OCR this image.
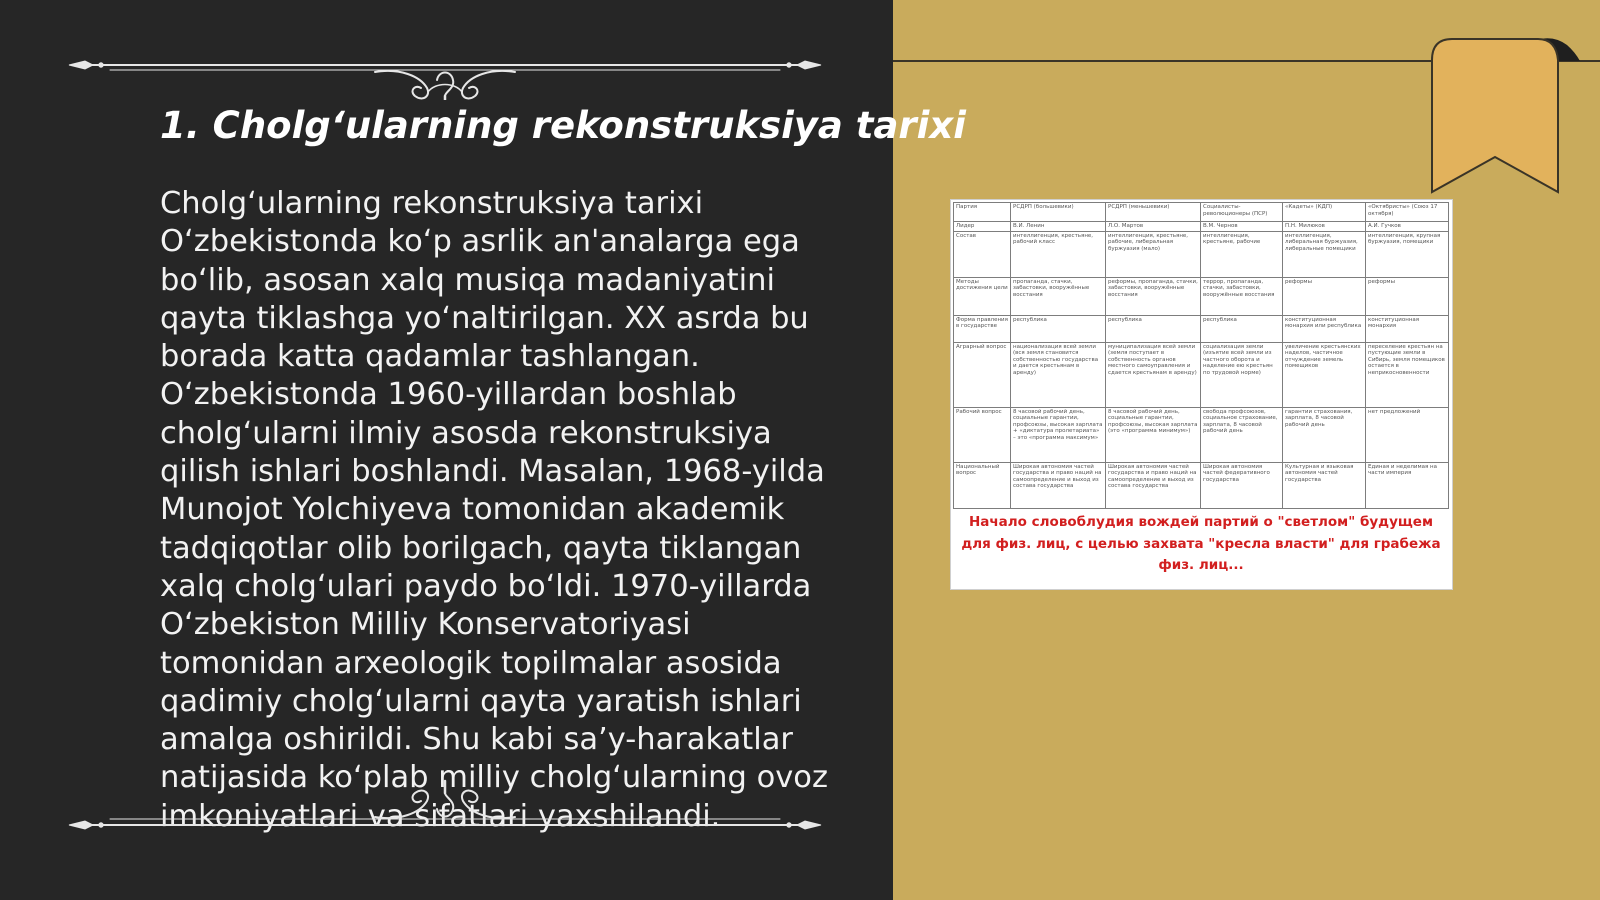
1. Cholg‘ularning rekonstruksiya tarixi

Cholg‘ularning rekonstruksiya tarixi O‘zbekistonda ko‘p asrlik an'analarga ega bo‘lib, asosan xalq musiqa madaniyatini qayta tiklashga yo‘naltirilgan. XX asrda bu borada katta qadamlar tashlangan. O‘zbekistonda 1960-yillardan boshlab cholg‘ularni ilmiy asosda rekonstruksiya qilish ishlari boshlandi. Masalan, 1968-yilda Munojot Yolchiyeva tomonidan akademik tadqiqotlar olib borilgach, qayta tiklangan xalq cholg‘ulari paydo bo‘ldi. 1970-yillarda O‘zbekiston Milliy Konservatoriyasi tomonidan arxeologik topilmalar asosida qadimiy cholg‘ularni qayta yaratish ishlari amalga oshirildi. Shu kabi sa’y-harakatlar natijasida ko‘plab milliy cholg‘ularning ovoz imkoniyatlari va sifatlari yaxshilandi.

Партия	РСДРП (большевики)	РСДРП (меньшевики)	Социалисты-революционеры (ПСР)	«Кадеты» (КДП)	«Октябристы» (Союз 17 октября)
Лидер	В.И. Ленин	Л.О. Мартов	В.М. Чернов	П.Н. Милюков	А.И. Гучков
Состав	интеллигенция, крестьяне, рабочий класс	интеллигенция, крестьяне, рабочие, либеральная буржуазия (мало)	интеллигенция, крестьяне, рабочие	интеллигенция, либеральная буржуазия, либеральные помещики	интеллигенция, крупная буржуазия, помещики
Методы достижения цели	пропаганда, стачки, забастовки, вооружённые восстания	реформы, пропаганда, стачки, забастовки, вооружённые восстания	террор, пропаганда, стачки, забастовки, вооружённые восстания	реформы	реформы
Форма правления в государстве	республика	республика	республика	конституционная монархия или республика	конституционная монархия
Аграрный вопрос	национализация всей земли (вся земля становится собственностью государства и дается крестьянам в аренду)	муниципализация всей земли (земля поступает в собственность органов местного самоуправления и сдается крестьянам в аренду)	социализация земли (изъятие всей земли из частного оборота и наделение ею крестьян по трудовой норме)	увеличение крестьянских наделов, частичное отчуждение земель помещиков	переселение крестьян на пустующие земли в Сибирь, земля помещиков остается в неприкосновенности
Рабочий вопрос	8 часовой рабочий день, социальные гарантии, профсоюзы, высокая зарплата + «диктатура пролетариата» – это «программа максимум»	8 часовой рабочий день, социальные гарантии, профсоюзы, высокая зарплата (это «программа минимум»)	свобода профсоюзов, социальное страхование, зарплата, 8 часовой рабочий день	гарантии страхования, зарплата, 8 часовой рабочий день	нет предложений
Национальный вопрос	Широкая автономия частей государства и право наций на самоопределение и выход из состава государства	Широкая автономия частей государства и право наций на самоопределение и выход из состава государства	Широкая автономия частей федеративного государства	Культурная и языковая автономия частей государства	Единая и неделимая на части империя

Начало словоблудия вождей партий о "светлом" будущем для физ. лиц, с целью захвата "кресла власти" для грабежа физ. лиц...
